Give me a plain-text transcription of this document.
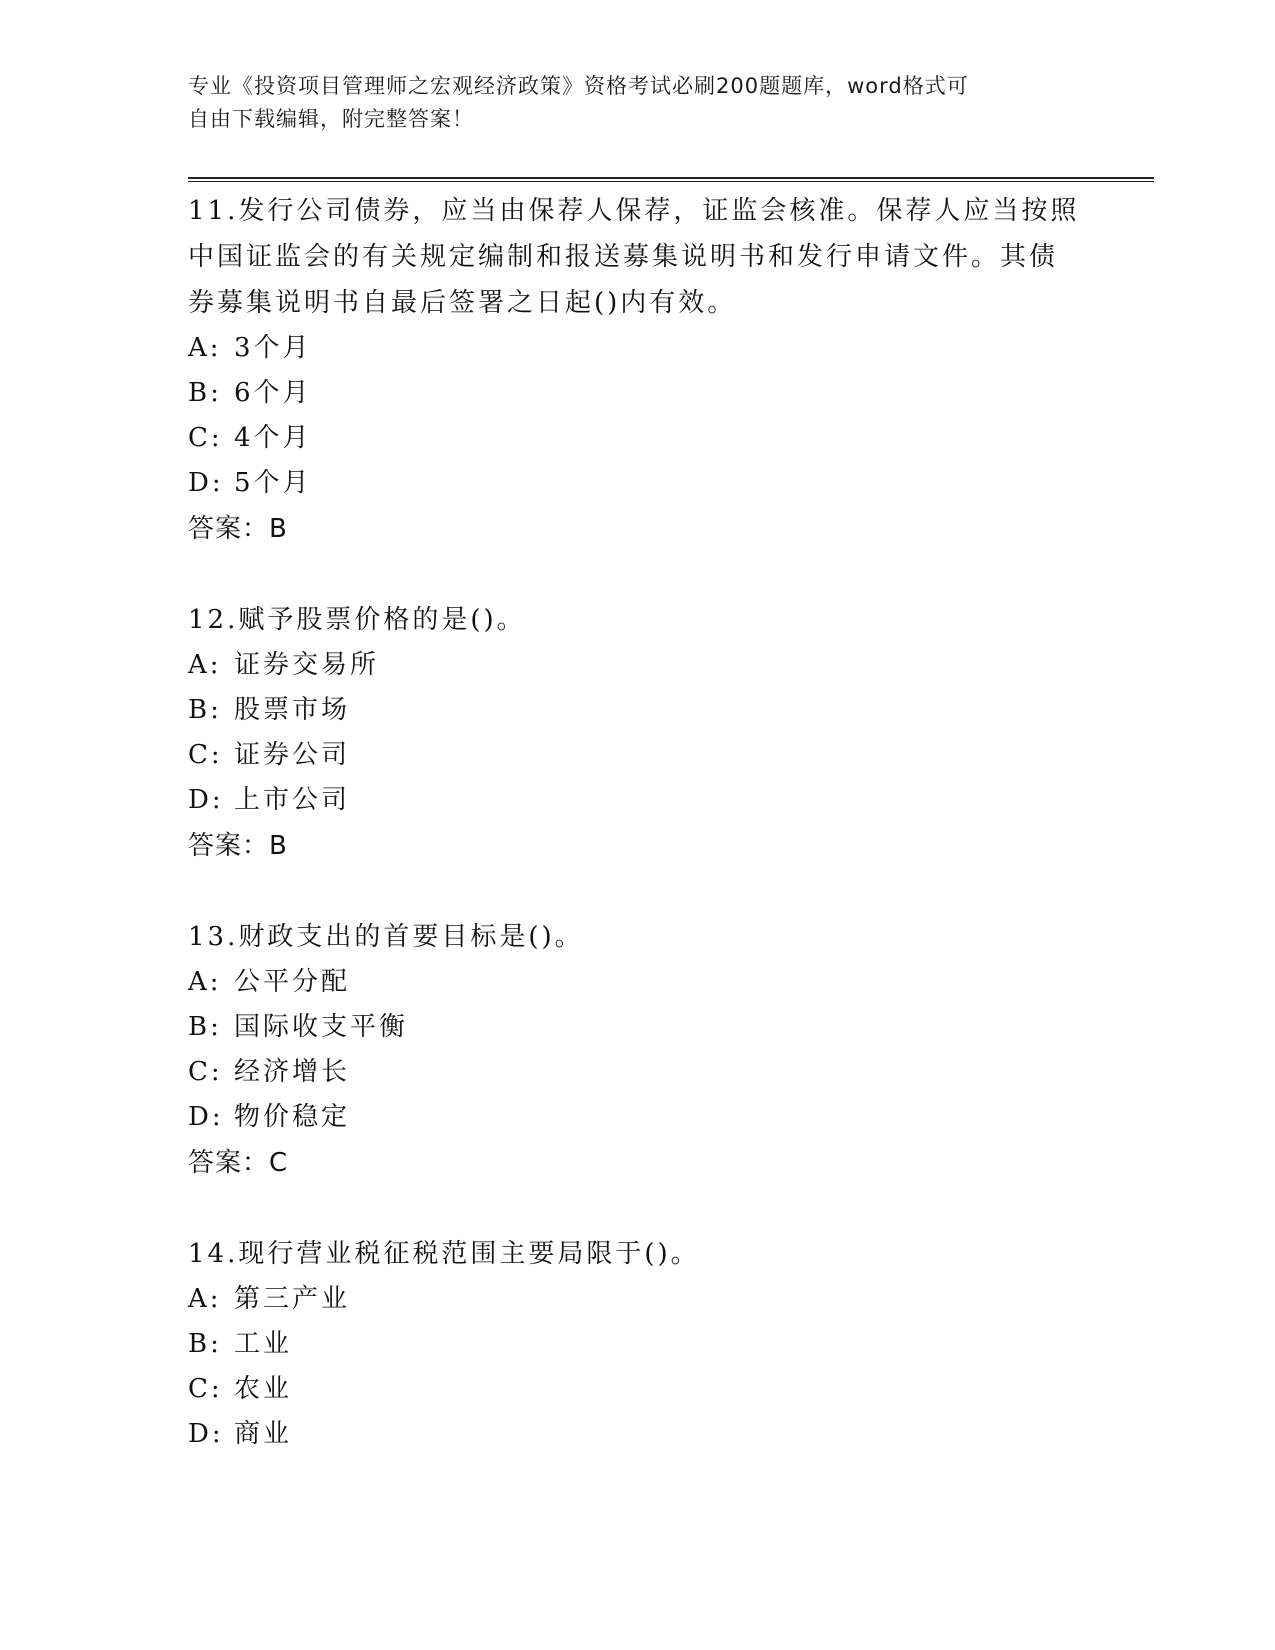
专业《投资项目管理师之宏观经济政策》资格考试必刷200题题库，word格式可
自由下载编辑，附完整答案！

11.发行公司债券，应当由保荐人保荐，证监会核准。保荐人应当按照

中国证监会的有关规定编制和报送募集说明书和发行申请文件。其债

券募集说明书自最后签署之日起()内有效。

A: 3个月
B: 6个月
C: 4个月
D: 5个月

答案：B

12.赋予股票价格的是()。

A: 证券交易所
B: 股票市场
C: 证券公司
D: 上市公司

答案：B

13.财政支出的首要目标是()。

A: 公平分配
B: 国际收支平衡
C: 经济增长
D: 物价稳定

答案：C

14.现行营业税征税范围主要局限于()。

A: 第三产业
B: 工业
C: 农业
D: 商业
